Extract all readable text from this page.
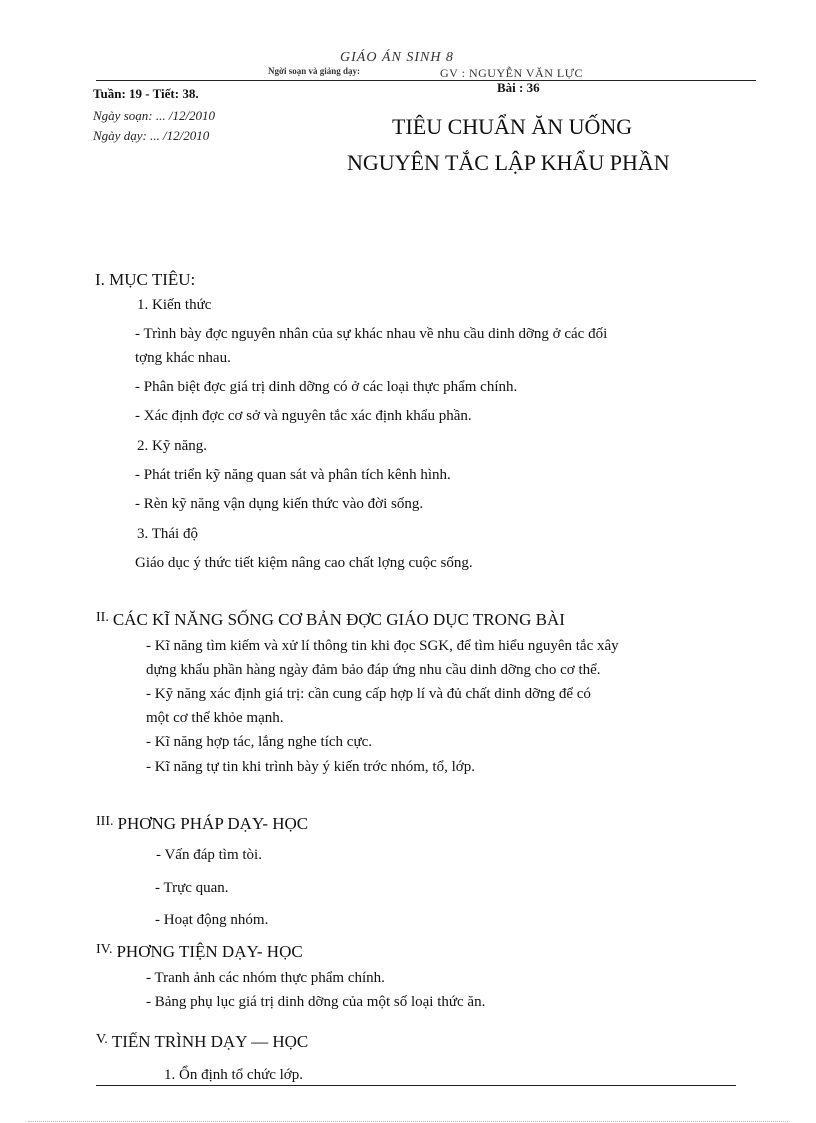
GIÁO ÁN SINH 8
Ngời soạn và giảng dạy:	GV : NGUYỄN VĂN LỰC
Tuần: 19 - Tiết: 38.	Bài : 36
Ngày soạn: ... /12/2010
Ngày dạy: ... /12/2010	TIÊU CHUẨN ĂN UỐNG
NGUYÊN TẮC LẬP KHẨU PHẦN
I. MỤC TIÊU:
1. Kiến thức
- Trình bày đợc nguyên nhân của sự khác nhau về nhu cầu dinh dỡng ở các đối
tợng khác nhau.
- Phân biệt đợc giá trị dinh dỡng có ở các loại thực phẩm chính.
- Xác định đợc cơ sở và nguyên tắc xác định khẩu phần.
2. Kỹ năng.
- Phát triển kỹ năng quan sát và phân tích kênh hình.
- Rèn kỹ năng vận dụng kiến thức vào đời sống.
3. Thái độ
Giáo dục ý thức tiết kiệm nâng cao chất lợng cuộc sống.
II. CÁC KĨ NĂNG SỐNG CƠ BẢN ĐỢC GIÁO DỤC TRONG BÀI
- Kĩ năng tìm kiếm và xử lí thông tin khi đọc SGK, để tìm hiểu nguyên tắc xây
dựng khẩu phần hàng ngày đảm bảo đáp ứng nhu cầu dinh dỡng cho cơ thể.
- Kỹ năng xác định giá trị: cần cung cấp hợp lí và đủ chất dinh dỡng để có
một cơ thể khỏe mạnh.
- Kĩ năng hợp tác, lắng nghe tích cực.
- Kĩ năng tự tin khi trình bày ý kiến trớc nhóm, tổ, lớp.
III. PHƠNG PHÁP DẠY- HỌC
- Vấn đáp tìm tòi.
- Trực quan.
- Hoạt động nhóm.
IV. PHƠNG TIỆN DẠY- HỌC
- Tranh ảnh các nhóm thực phẩm chính.
- Bảng phụ lục giá trị dinh dỡng của một số loại thức ăn.
V. TIẾN TRÌNH DẠY — HỌC
1. Ổn định tổ chức lớp.
